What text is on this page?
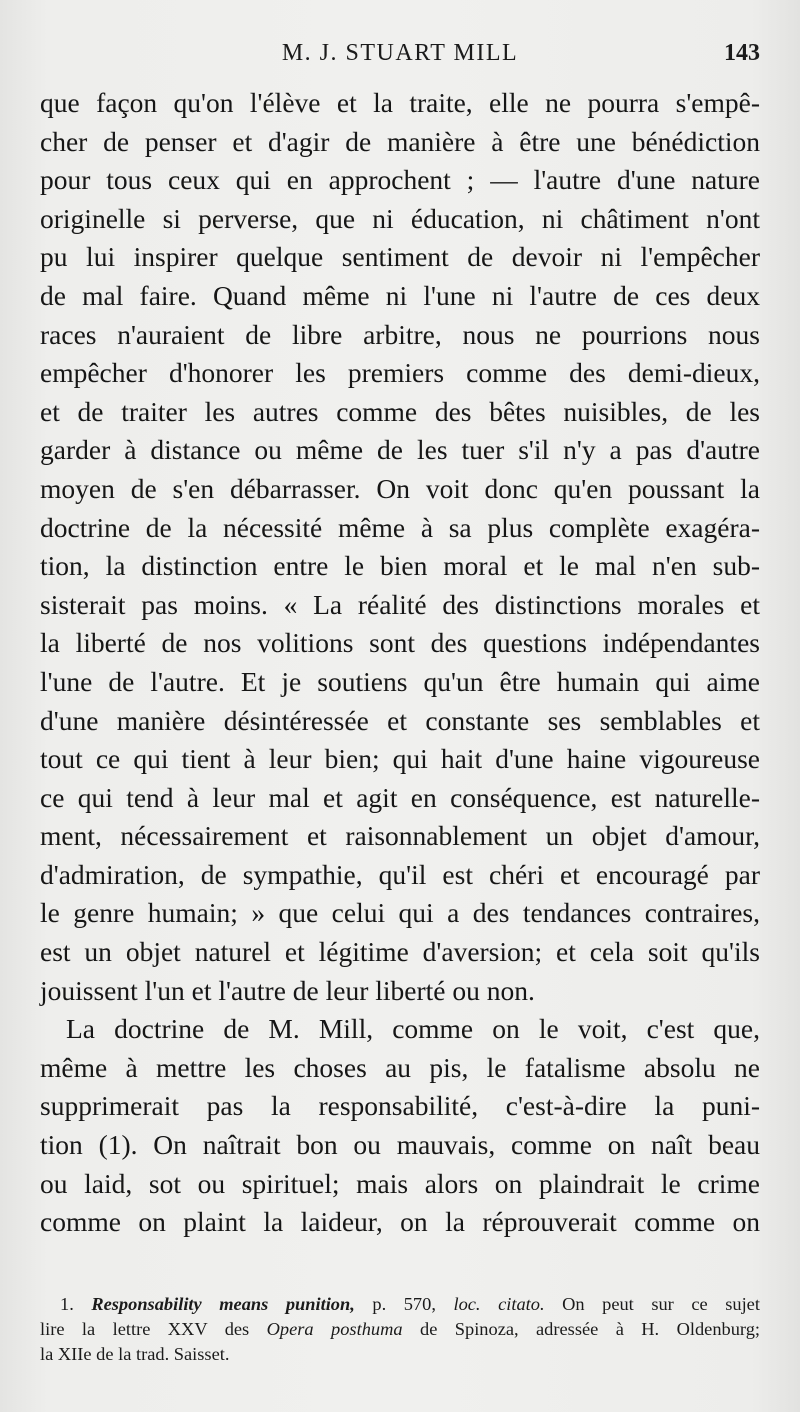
M. J. STUART MILL	143
que façon qu'on l'élève et la traite, elle ne pourra s'empê-
cher de penser et d'agir de manière à être une bénédiction
pour tous ceux qui en approchent ; — l'autre d'une nature
originelle si perverse, que ni éducation, ni châtiment n'ont
pu lui inspirer quelque sentiment de devoir ni l'empêcher
de mal faire. Quand même ni l'une ni l'autre de ces deux
races n'auraient de libre arbitre, nous ne pourrions nous
empêcher d'honorer les premiers comme des demi-dieux,
et de traiter les autres comme des bêtes nuisibles, de les
garder à distance ou même de les tuer s'il n'y a pas d'autre
moyen de s'en débarrasser. On voit donc qu'en poussant la
doctrine de la nécessité même à sa plus complète exagéra-
tion, la distinction entre le bien moral et le mal n'en sub-
sisterait pas moins. « La réalité des distinctions morales et
la liberté de nos volitions sont des questions indépendantes
l'une de l'autre. Et je soutiens qu'un être humain qui aime
d'une manière désintéressée et constante ses semblables et
tout ce qui tient à leur bien; qui hait d'une haine vigoureuse
ce qui tend à leur mal et agit en conséquence, est naturelle-
ment, nécessairement et raisonnablement un objet d'amour,
d'admiration, de sympathie, qu'il est chéri et encouragé par
le genre humain; » que celui qui a des tendances contraires,
est un objet naturel et légitime d'aversion; et cela soit qu'ils
jouissent l'un et l'autre de leur liberté ou non.
La doctrine de M. Mill, comme on le voit, c'est que,
même à mettre les choses au pis, le fatalisme absolu ne
supprimerait pas la responsabilité, c'est-à-dire la puni-
tion (1). On naîtrait bon ou mauvais, comme on naît beau
ou laid, sot ou spirituel; mais alors on plaindrait le crime
comme on plaint la laideur, on la réprouverait comme on
1. Responsability means punition, p. 570, loc. citato. On peut sur ce sujet
lire la lettre XXV des Opera posthuma de Spinoza, adressée à H. Oldenburg;
la XIIe de la trad. Saisset.
